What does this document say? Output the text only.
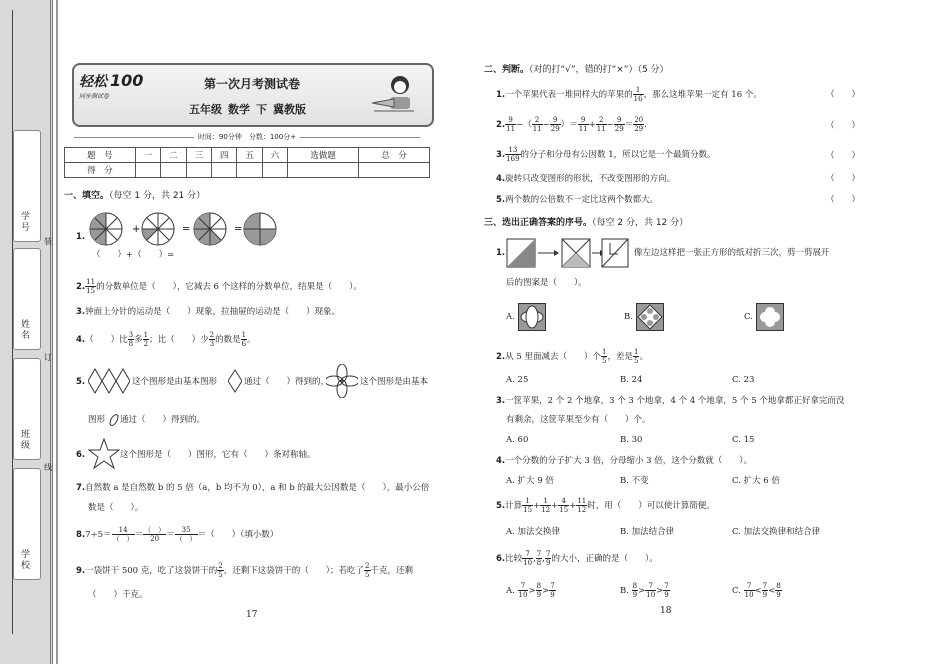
学号
姓名
班级
学校
装
订
线
轻松 100
同步测试卷
第一次月考测试卷
五年级 数学 下 冀教版
时间：90分钟　分数：100分+
题　号	一	二	三	四	五	六	选做题	总　分
得　分								
一、填空。（每空 1 分，共 21 分）
1.
+	=	=
（　　）+（　　）=
2. $\frac{11}{15}$ 的分数单位是（　　），它减去 6 个这样的分数单位，结果是（　　）。
3.钟面上分针的运动是（　　）现象，拉抽屉的运动是（　　）现象。
4.（　　）比 $\frac{3}{8}$ 多 $\frac{1}{2}$ ；比（　　）少 $\frac{2}{3}$ 的数是 $\frac{1}{6}$ 。
5.	这个图形是由基本图形	通过（　　）得到的，	这个图形是由基本
图形 通过（　　）得到的。
6.	这个图形是（　　）图形，它有（　　）条对称轴。
7.自然数 a 是自然数 b 的 5 倍（a，b 均不为 0），a 和 b 的最大公因数是（　　），最小公倍
数是（　　）。
$8.7\div 5= \frac{14}{( )} = \frac{( )}{20} = \frac{35}{( )}$ ＝（　　）（填小数）
9.一袋饼干 500 克，吃了这袋饼干的 $\frac{2}{5}$ ，还剩下这袋饼干的（　　）；若吃了 $\frac{2}{5}$ 千克，还剩
（　　）千克。
17
二、判断。（对的打“√”，错的打“×”）（5 分）
1.一个苹果代表一堆同样大的苹果的 $\frac{1}{16}$ ，那么这堆苹果一定有 16 个。	（　　）
2. $\frac{9}{11}$ −（ $\frac{2}{11} - \frac{9}{29}$ ）＝ $\frac{9}{11} + \frac{2}{11} - \frac{9}{29} = \frac{20}{29}$ .	（　　）
3. $\frac{13}{169}$ 的分子和分母有公因数 1，所以它是一个最简分数。	（　　）
4.旋转只改变图形的形状，不改变图形的方向。	（　　）
5.两个数的公倍数不一定比这两个数都大。	（　　）
三、选出正确答案的序号。（每空 2 分，共 12 分）
1.	像左边这样把一张正方形的纸对折三次，剪一剪展开
后的图案是（　　）。
A.	B.	C.
2.从 5 里面减去（　　）个 $\frac{1}{5}$ ，差是 $\frac{1}{5}$ 。
A. 25	B. 24	C. 23
3.一筐苹果，2 个 2 个地拿，3 个 3 个地拿，4 个 4 个地拿，5 个 5 个地拿都正好拿完而没
有剩余，这筐苹果至少有（　　）个。
A. 60	B. 30	C. 15
4.一个分数的分子扩大 3 倍，分母缩小 3 倍，这个分数就（　　）。
A. 扩大 9 倍	B. 不变	C. 扩大 6 倍
5.计算 $\frac{1}{15} + \frac{1}{12} + \frac{4}{15} + \frac{11}{12}$ 时，用（　　）可以使计算简便。
A. 加法交换律	B. 加法结合律	C. 加法交换律和结合律
6.比较 $\frac{7}{10}$ , $\frac{7}{8}$ , $\frac{7}{9}$ 的大小，正确的是（　　）。
A. $\frac{7}{10} > \frac{8}{9} > \frac{7}{9}$	B. $\frac{8}{9} > \frac{7}{10} > \frac{7}{9}$	C. $\frac{7}{10} < \frac{7}{9} < \frac{8}{9}$
18
